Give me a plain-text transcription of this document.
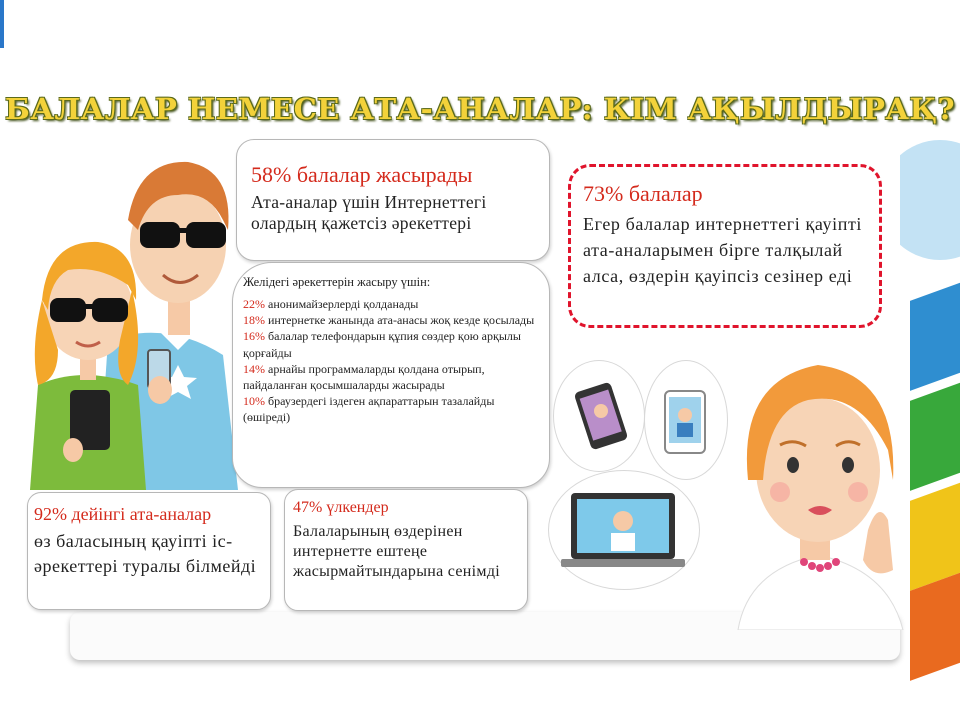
БАЛАЛАР НЕМЕСЕ АТА-АНАЛАР: КІМ АҚЫЛДЫРАҚ?
58% балалар жасырады
Ата-аналар үшін Интернеттегі олардың қажетсіз әрекеттері
73% балалар
Егер балалар интернеттегі қауіпті ата-аналарымен бірге талқылай алса, өздерін қауіпсіз сезінер еді
Желідегі әрекеттерін жасыру үшін:
22% анонимайзерлерді қолданады
18% интернетке жанында ата-анасы жоқ кезде қосылады
16% балалар телефондарын құпия сөздер қою арқылы қорғайды
14% арнайы программаларды қолдана отырып, пайдаланған қосымшаларды жасырады
10% браузердегі іздеген ақпараттарын тазалайды (өшіреді)
92% дейінгі ата-аналар
өз баласының қауіпті іс-әрекеттері туралы білмейді
47% үлкендер
Балаларының өздерінен интернетте ештеңе жасырмайтындарына сенімді
